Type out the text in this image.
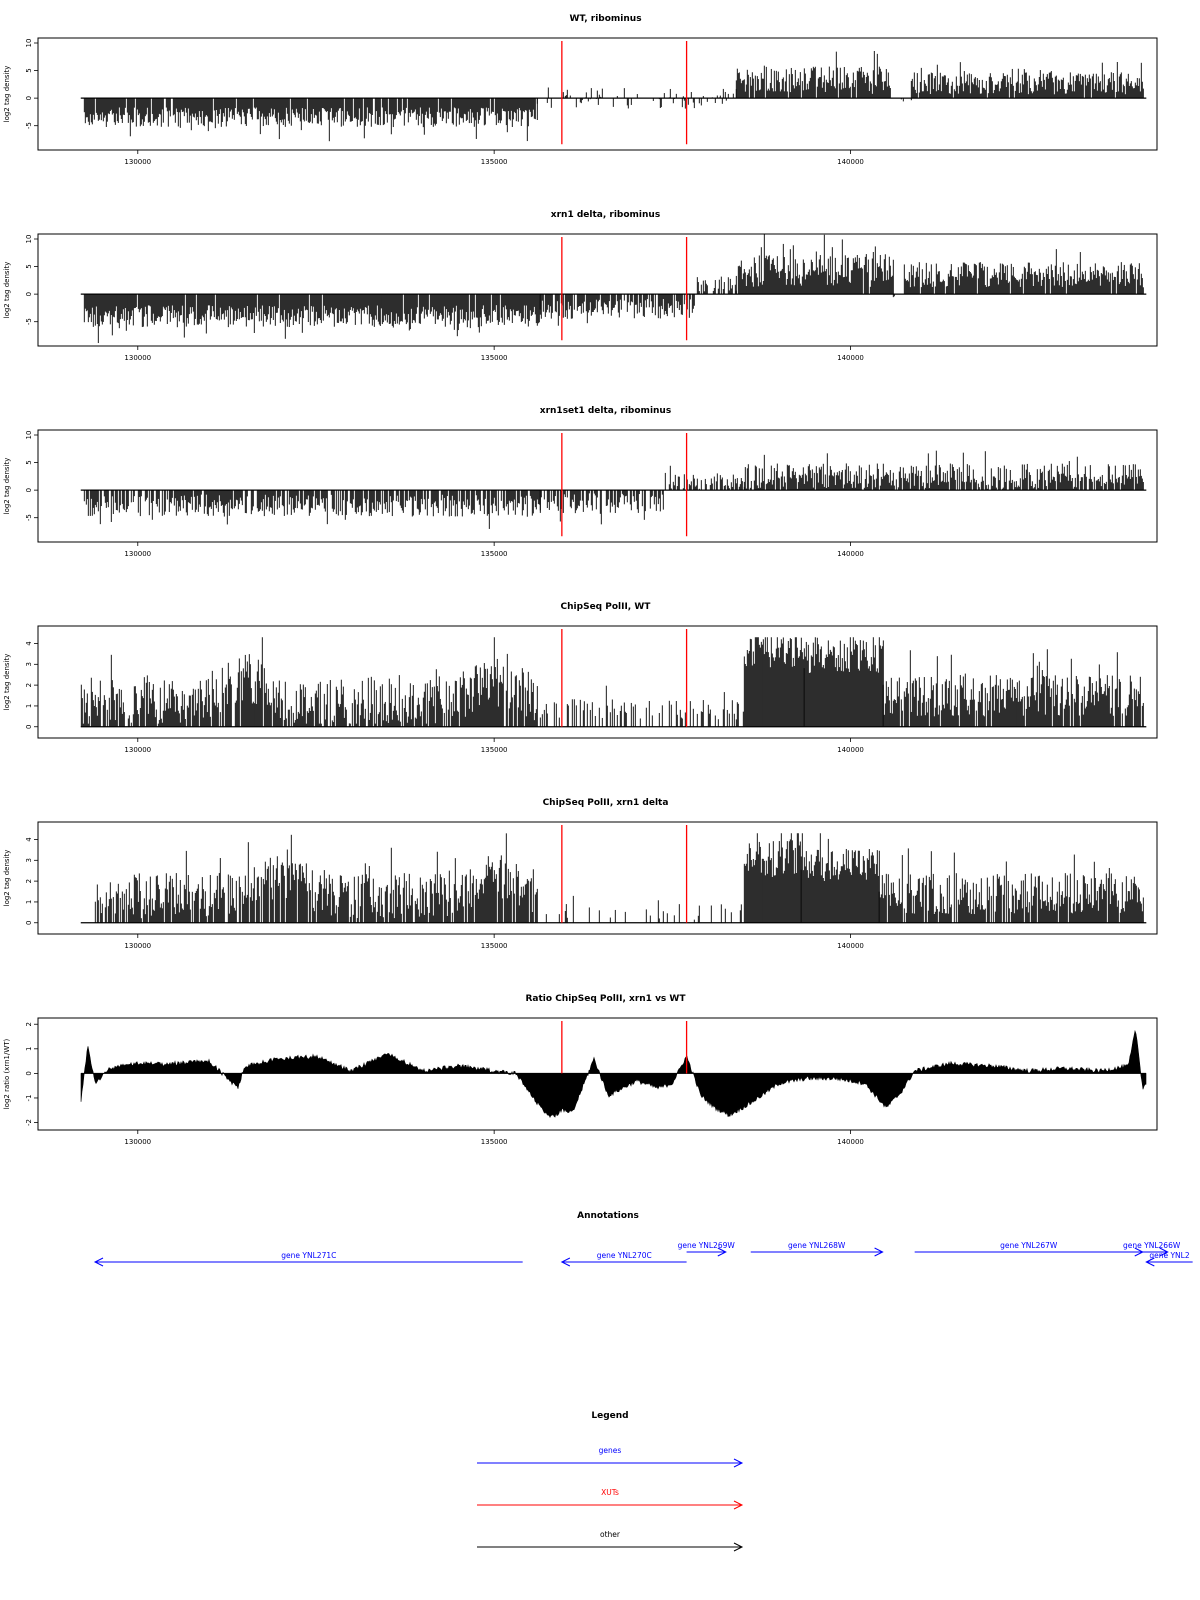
WT, ribominus
log2 tag density
-5
0
5
10
130000	135000	140000
xrn1 delta, ribominus
log2 tag density
-5
0
5
10
130000	135000	140000
xrn1set1 delta, ribominus
log2 tag density
-5
0
5
10
130000	135000	140000
ChipSeq PolII, WT
log2 tag density
0
1
2
3
4
130000	135000	140000
ChipSeq PolII, xrn1 delta
log2 tag density
0
1
2
3
4
130000	135000	140000
Ratio ChipSeq PolII, xrn1 vs WT
log2 ratio (xrn1/WT)
-2
-1
0
1
2
130000	135000	140000
Annotations
gene YNL271C	gene YNL270C
gene YNL269W	gene YNL268W	gene YNL267W	gene YNL266W
gene YNL2
Legend
genes
XUTs
other
